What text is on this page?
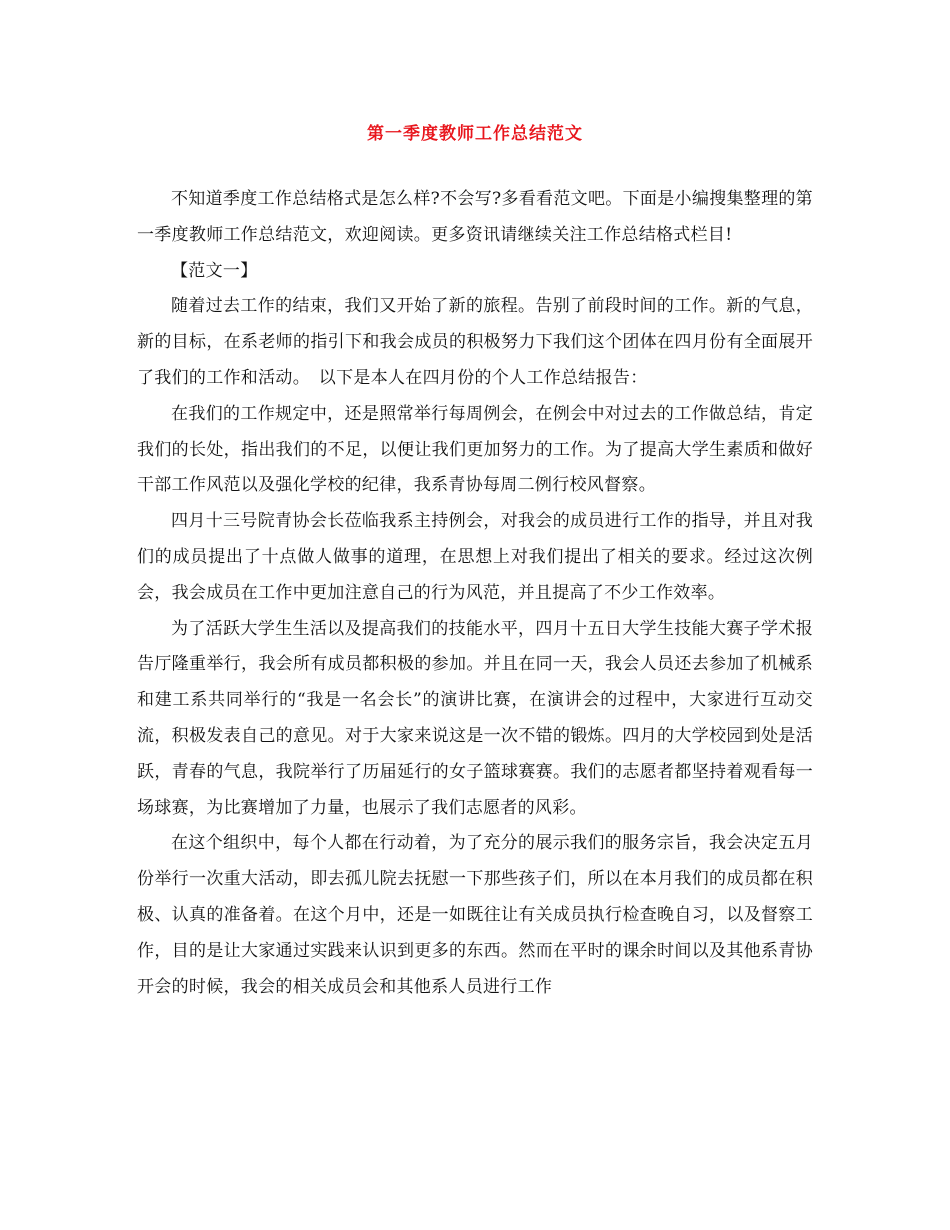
第一季度教师工作总结范文

不知道季度工作总结格式是怎么样?不会写?多看看范文吧。下面是小编搜集整理的第一季度教师工作总结范文，欢迎阅读。更多资讯请继续关注工作总结格式栏目!

【范文一】

随着过去工作的结束，我们又开始了新的旅程。告别了前段时间的工作。新的气息，新的目标，在系老师的指引下和我会成员的积极努力下我们这个团体在四月份有全面展开了我们的工作和活动。　以下是本人在四月份的个人工作总结报告：

在我们的工作规定中，还是照常举行每周例会，在例会中对过去的工作做总结，肯定我们的长处，指出我们的不足，以便让我们更加努力的工作。为了提高大学生素质和做好干部工作风范以及强化学校的纪律，我系青协每周二例行校风督察。

四月十三号院青协会长莅临我系主持例会，对我会的成员进行工作的指导，并且对我们的成员提出了十点做人做事的道理，在思想上对我们提出了相关的要求。经过这次例会，我会成员在工作中更加注意自己的行为风范，并且提高了不少工作效率。

为了活跃大学生生活以及提高我们的技能水平，四月十五日大学生技能大赛子学术报告厅隆重举行，我会所有成员都积极的参加。并且在同一天，我会人员还去参加了机械系和建工系共同举行的“我是一名会长”的演讲比赛，在演讲会的过程中，大家进行互动交流，积极发表自己的意见。对于大家来说这是一次不错的锻炼。四月的大学校园到处是活跃，青春的气息，我院举行了历届延行的女子篮球赛赛。我们的志愿者都坚持着观看每一场球赛，为比赛增加了力量，也展示了我们志愿者的风彩。

在这个组织中，每个人都在行动着，为了充分的展示我们的服务宗旨，我会决定五月份举行一次重大活动，即去孤儿院去抚慰一下那些孩子们，所以在本月我们的成员都在积极、认真的准备着。在这个月中，还是一如既往让有关成员执行检查晚自习，以及督察工作，目的是让大家通过实践来认识到更多的东西。然而在平时的课余时间以及其他系青协开会的时候，我会的相关成员会和其他系人员进行工作
